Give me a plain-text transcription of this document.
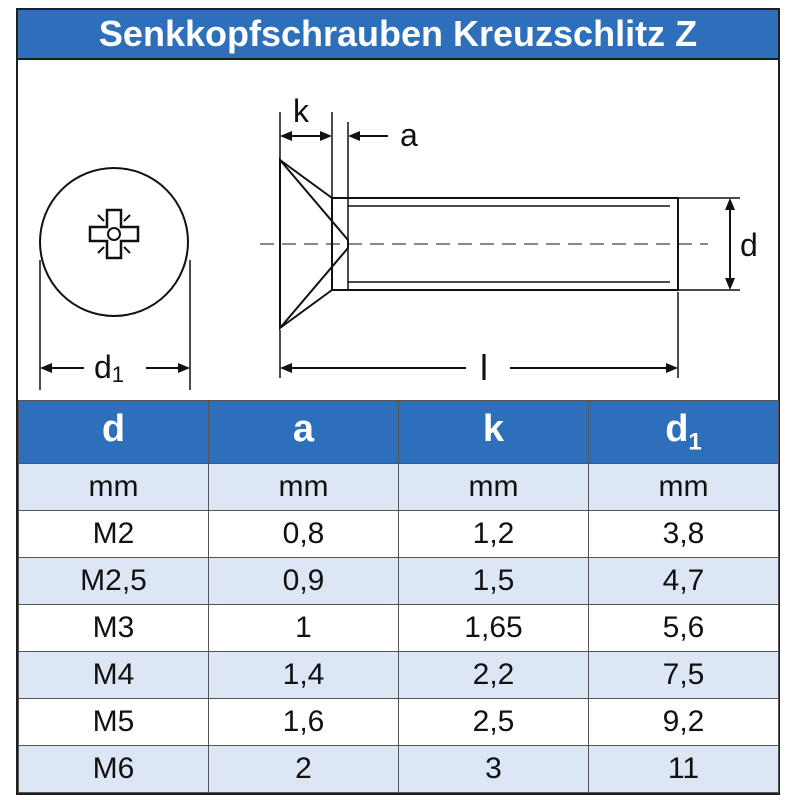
Senkkopfschrauben Kreuzschlitz Z
d1
k
a
d
l
d	a	k	$d_1$
mm	mm	mm	mm
M2	0,8	1,2	3,8
M2,5	0,9	1,5	4,7
M3	1	1,65	5,6
M4	1,4	2,2	7,5
M5	1,6	2,5	9,2
M6	2	3	11
